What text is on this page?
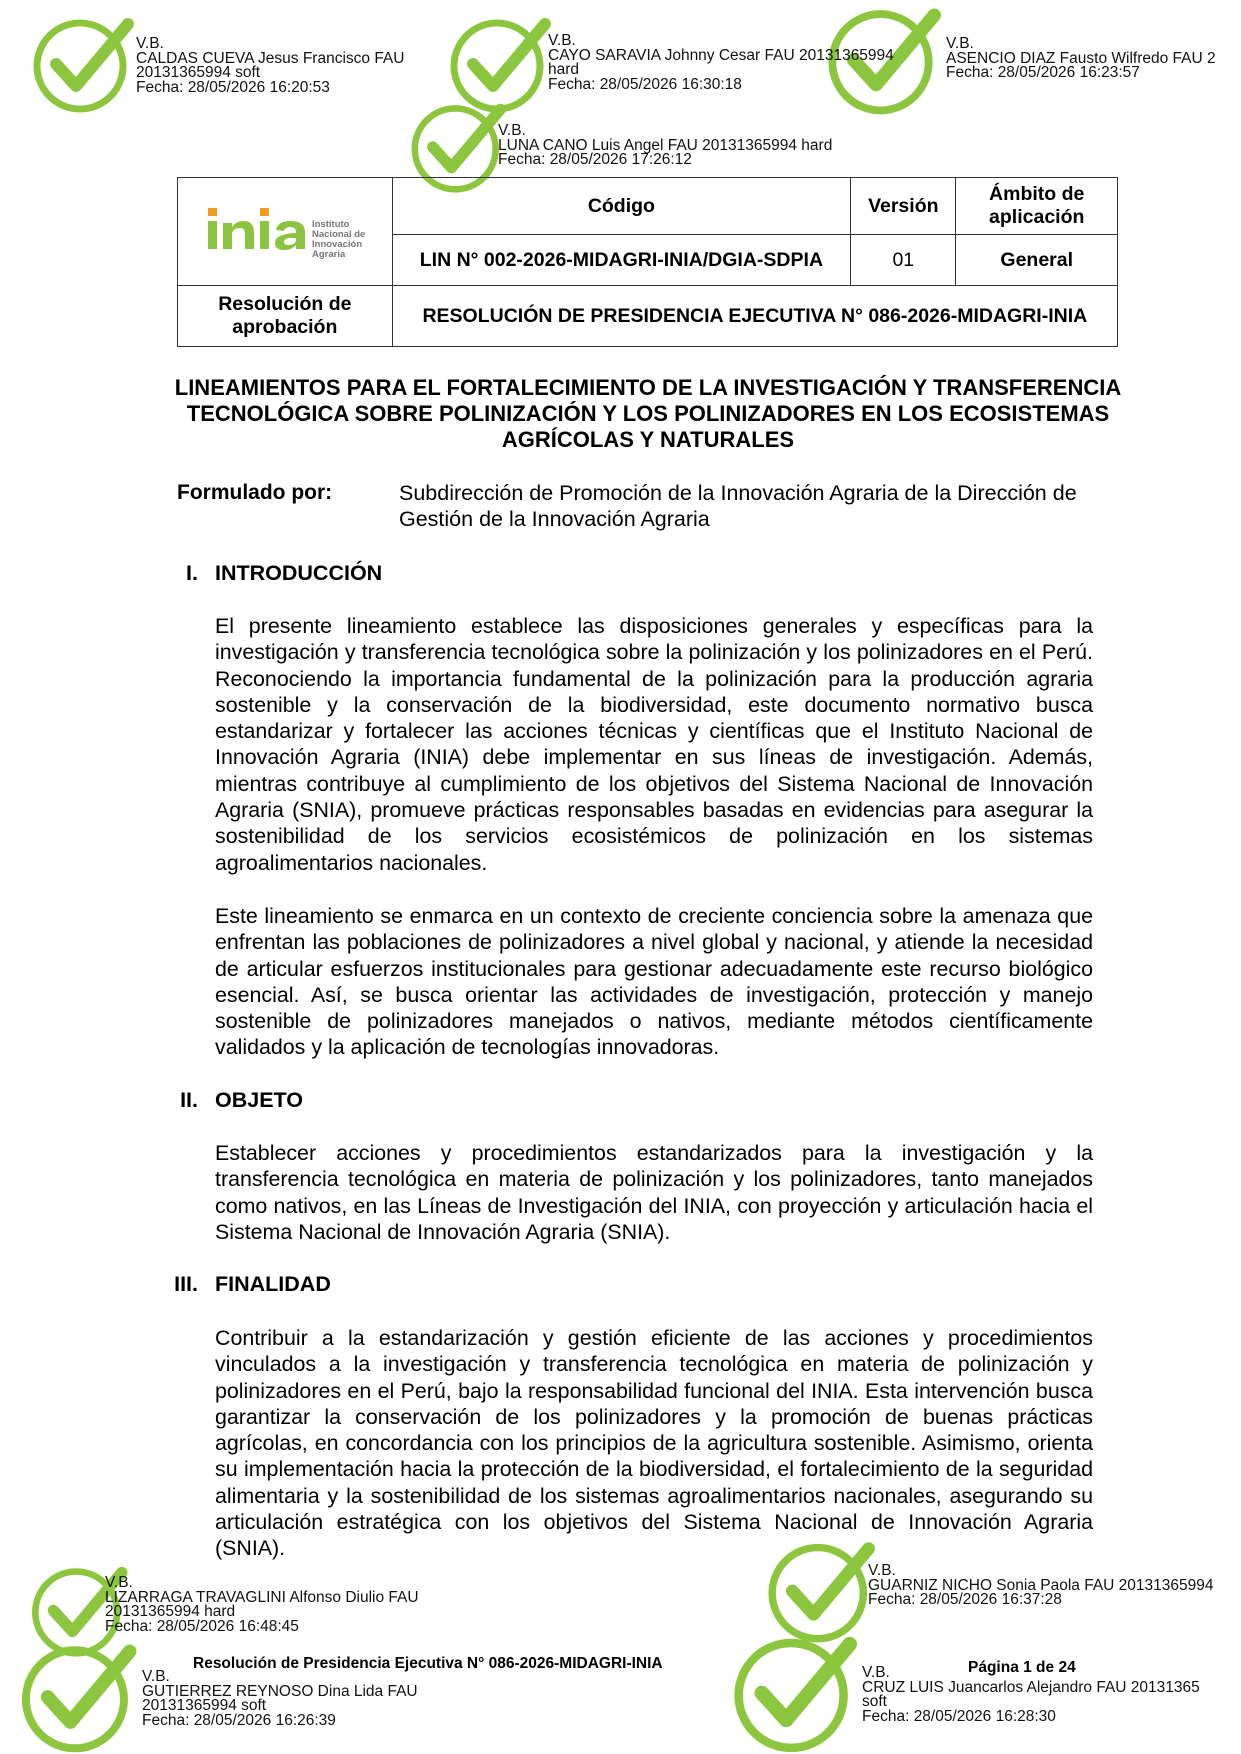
V.B.
CALDAS CUEVA Jesus Francisco FAU
20131365994 soft
Fecha: 28/05/2026 16:20:53
V.B.
CAYO SARAVIA Johnny Cesar FAU 20131365994
hard
Fecha: 28/05/2026 16:30:18
V.B.
ASENCIO DIAZ Fausto Wilfredo FAU 2
Fecha: 28/05/2026 16:23:57
V.B.
LUNA CANO Luis Angel FAU 20131365994 hard
Fecha: 28/05/2026 17:26:12
V.B.
LIZARRAGA TRAVAGLINI Alfonso Diulio FAU
20131365994 hard
Fecha: 28/05/2026 16:48:45
V.B.
GUARNIZ NICHO Sonia Paola FAU 20131365994
Fecha: 28/05/2026 16:37:28
V.B.
GUTIERREZ REYNOSO Dina Lida FAU
20131365994 soft
Fecha: 28/05/2026 16:26:39
V.B.
CRUZ LUIS Juancarlos Alejandro FAU 20131365
soft
Fecha: 28/05/2026 16:28:30
Instituto
Nacional de
Innovación
Agraria	Código	Versión	Ámbito de aplicación
	LIN N° 002-2026-MIDAGRI-INIA/DGIA-SDPIA	01	General
Resolución de aprobación	RESOLUCIÓN DE PRESIDENCIA EJECUTIVA N° 086-2026-MIDAGRI-INIA		
LINEAMIENTOS PARA EL FORTALECIMIENTO DE LA INVESTIGACIÓN Y TRANSFERENCIA TECNOLÓGICA SOBRE POLINIZACIÓN Y LOS POLINIZADORES EN LOS ECOSISTEMAS AGRÍCOLAS Y NATURALES
Formulado por:	Subdirección de Promoción de la Innovación Agraria de la Dirección de Gestión de la Innovación Agraria
I. INTRODUCCIÓN
El presente lineamiento establece las disposiciones generales y específicas para la investigación y transferencia tecnológica sobre la polinización y los polinizadores en el Perú. Reconociendo la importancia fundamental de la polinización para la producción agraria sostenible y la conservación de la biodiversidad, este documento normativo busca estandarizar y fortalecer las acciones técnicas y científicas que el Instituto Nacional de Innovación Agraria (INIA) debe implementar en sus líneas de investigación. Además, mientras contribuye al cumplimiento de los objetivos del Sistema Nacional de Innovación Agraria (SNIA), promueve prácticas responsables basadas en evidencias para asegurar la sostenibilidad de los servicios ecosistémicos de polinización en los sistemas agroalimentarios nacionales.
Este lineamiento se enmarca en un contexto de creciente conciencia sobre la amenaza que enfrentan las poblaciones de polinizadores a nivel global y nacional, y atiende la necesidad de articular esfuerzos institucionales para gestionar adecuadamente este recurso biológico esencial. Así, se busca orientar las actividades de investigación, protección y manejo sostenible de polinizadores manejados o nativos, mediante métodos científicamente validados y la aplicación de tecnologías innovadoras.
II. OBJETO
Establecer acciones y procedimientos estandarizados para la investigación y la transferencia tecnológica en materia de polinización y los polinizadores, tanto manejados como nativos, en las Líneas de Investigación del INIA, con proyección y articulación hacia el Sistema Nacional de Innovación Agraria (SNIA).
III. FINALIDAD
Contribuir a la estandarización y gestión eficiente de las acciones y procedimientos vinculados a la investigación y transferencia tecnológica en materia de polinización y polinizadores en el Perú, bajo la responsabilidad funcional del INIA. Esta intervención busca garantizar la conservación de los polinizadores y la promoción de buenas prácticas agrícolas, en concordancia con los principios de la agricultura sostenible. Asimismo, orienta su implementación hacia la protección de la biodiversidad, el fortalecimiento de la seguridad alimentaria y la sostenibilidad de los sistemas agroalimentarios nacionales, asegurando su articulación estratégica con los objetivos del Sistema Nacional de Innovación Agraria (SNIA).
Resolución de Presidencia Ejecutiva N° 086-2026-MIDAGRI-INIA	Página 1 de 24
